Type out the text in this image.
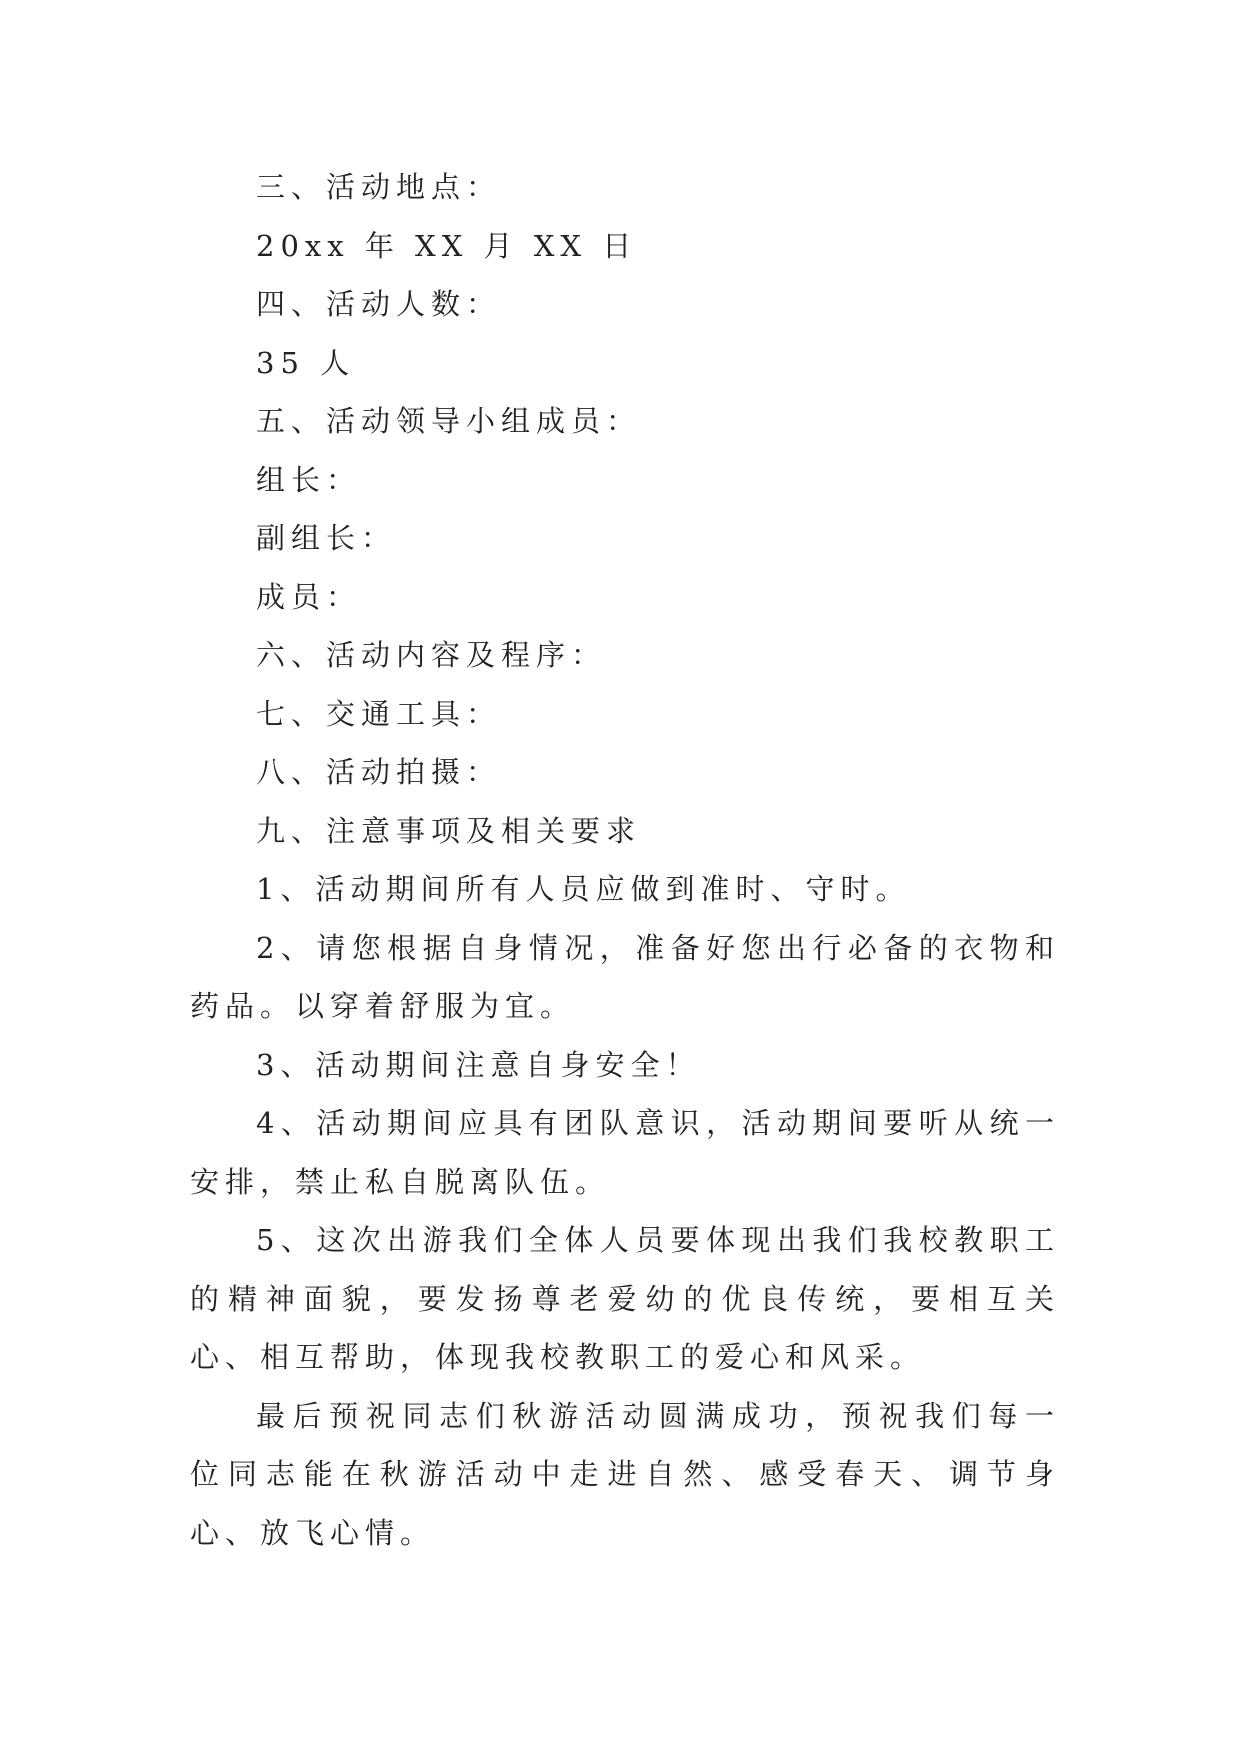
三、活动地点：

20xx 年 XX 月 XX 日

四、活动人数：

35 人

五、活动领导小组成员：

组长：

副组长：

成员：

六、活动内容及程序：

七、交通工具：

八、活动拍摄：

九、注意事项及相关要求

1、活动期间所有人员应做到准时、守时。

2、请您根据自身情况，准备好您出行必备的衣物和药品。以穿着舒服为宜。

3、活动期间注意自身安全！

4、活动期间应具有团队意识，活动期间要听从统一安排，禁止私自脱离队伍。

5、这次出游我们全体人员要体现出我们我校教职工的精神面貌，要发扬尊老爱幼的优良传统，要相互关心、相互帮助，体现我校教职工的爱心和风采。

最后预祝同志们秋游活动圆满成功，预祝我们每一位同志能在秋游活动中走进自然、感受春天、调节身心、放飞心情。
